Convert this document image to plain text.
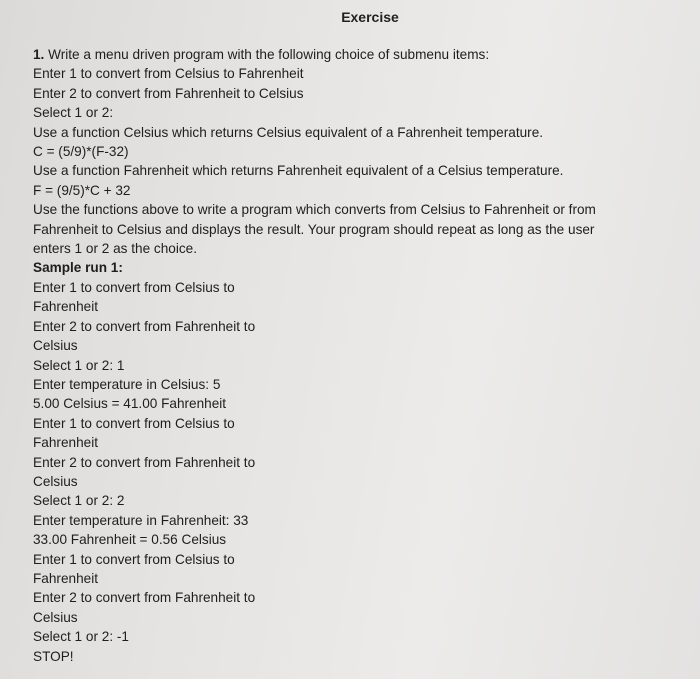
Exercise
1. Write a menu driven program with the following choice of submenu items:
Enter 1 to convert from Celsius to Fahrenheit
Enter 2 to convert from Fahrenheit to Celsius
Select 1 or 2:
Use a function Celsius which returns Celsius equivalent of a Fahrenheit temperature.
C = (5/9)*(F-32)
Use a function Fahrenheit which returns Fahrenheit equivalent of a Celsius temperature.
F = (9/5)*C + 32
Use the functions above to write a program which converts from Celsius to Fahrenheit or from
Fahrenheit to Celsius and displays the result. Your program should repeat as long as the user
enters 1 or 2 as the choice.
Sample run 1:
Enter 1 to convert from Celsius to
Fahrenheit
Enter 2 to convert from Fahrenheit to
Celsius
Select 1 or 2: 1
Enter temperature in Celsius: 5
5.00 Celsius = 41.00 Fahrenheit
Enter 1 to convert from Celsius to
Fahrenheit
Enter 2 to convert from Fahrenheit to
Celsius
Select 1 or 2: 2
Enter temperature in Fahrenheit: 33
33.00 Fahrenheit = 0.56 Celsius
Enter 1 to convert from Celsius to
Fahrenheit
Enter 2 to convert from Fahrenheit to
Celsius
Select 1 or 2: -1
STOP!
